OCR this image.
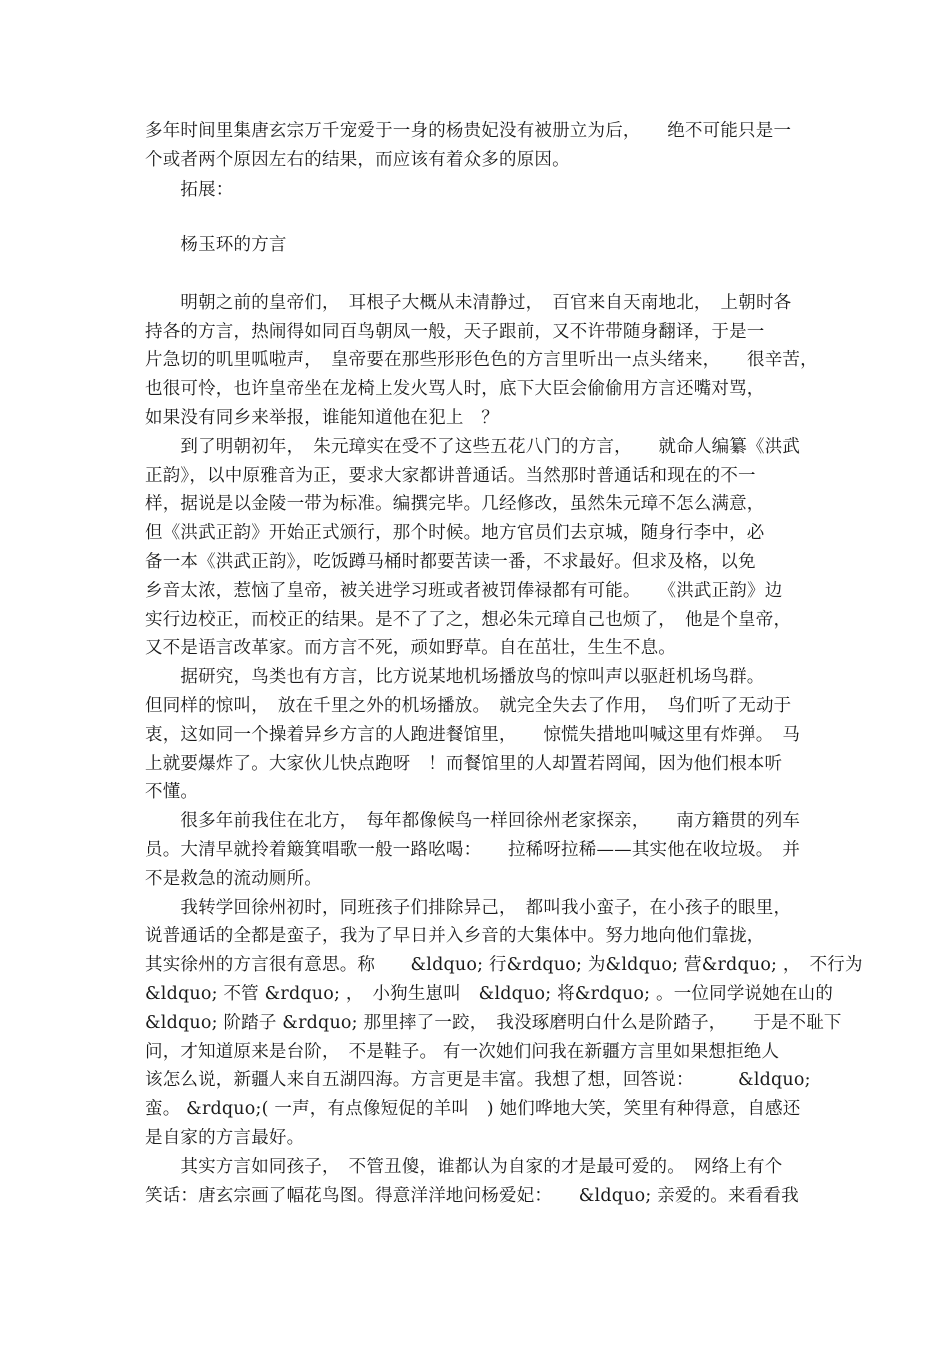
多年时间里集唐玄宗万千宠爱于一身的杨贵妃没有被册立为后，　　绝不可能只是一
个或者两个原因左右的结果，而应该有着众多的原因。
　　拓展：
　　杨玉环的方言
　　明朝之前的皇帝们，　耳根子大概从未清静过，　百官来自天南地北，　上朝时各
持各的方言，热闹得如同百鸟朝凤一般，天子跟前，又不许带随身翻译，于是一
片急切的叽里呱啦声，　皇帝要在那些形形色色的方言里听出一点头绪来，　　很辛苦，
也很可怜，也许皇帝坐在龙椅上发火骂人时，底下大臣会偷偷用方言还嘴对骂，
如果没有同乡来举报，谁能知道他在犯上　？
　　到了明朝初年，　朱元璋实在受不了这些五花八门的方言，　　就命人编纂《洪武
正韵》，以中原雅音为正，要求大家都讲普通话。当然那时普通话和现在的不一
样，据说是以金陵一带为标准。编撰完毕。几经修改，虽然朱元璋不怎么满意，
但《洪武正韵》开始正式颁行，那个时候。地方官员们去京城，随身行李中，必
备一本《洪武正韵》，吃饭蹲马桶时都要苦读一番，不求最好。但求及格，以免
乡音太浓，惹恼了皇帝，被关进学习班或者被罚俸禄都有可能。　　《洪武正韵》边
实行边校正，而校正的结果。是不了了之，想必朱元璋自己也烦了，　他是个皇帝，
又不是语言改革家。而方言不死，顽如野草。自在茁壮，生生不息。
　　据研究，鸟类也有方言，比方说某地机场播放鸟的惊叫声以驱赶机场鸟群。
但同样的惊叫，　放在千里之外的机场播放。　就完全失去了作用，　鸟们听了无动于
衷，这如同一个操着异乡方言的人跑进餐馆里，　　惊慌失措地叫喊这里有炸弹。　马
上就要爆炸了。大家伙儿快点跑呀　！而餐馆里的人却置若罔闻，因为他们根本听
不懂。
　　很多年前我住在北方，　每年都像候鸟一样回徐州老家探亲，　　南方籍贯的列车
员。大清早就拎着簸箕唱歌一般一路吆喝：　　拉稀呀拉稀——其实他在收垃圾。　并
不是救急的流动厕所。
　　我转学回徐州初时，同班孩子们排除异己，　都叫我小蛮子，在小孩子的眼里，
说普通话的全都是蛮子，我为了早日并入乡音的大集体中。努力地向他们靠拢，
其实徐州的方言很有意思。称　　&ldquo; 行&rdquo; 为&ldquo; 营&rdquo; ，　不行为
&ldquo; 不管 &rdquo; ，　小狗生崽叫　&ldquo; 将&rdquo; 。一位同学说她在山的
&ldquo; 阶踏子 &rdquo; 那里摔了一跤，　我没琢磨明白什么是阶踏子，　　于是不耻下
问，才知道原来是台阶，　不是鞋子。 有一次她们问我在新疆方言里如果想拒绝人
该怎么说，新疆人来自五湖四海。方言更是丰富。我想了想，回答说：　　　&ldquo;
蛮。 &rdquo;( 一声，有点像短促的羊叫　) 她们哗地大笑，笑里有种得意，自感还
是自家的方言最好。
　　其实方言如同孩子，　不管丑傻，谁都认为自家的才是最可爱的。　网络上有个
笑话：唐玄宗画了幅花鸟图。得意洋洋地问杨爱妃：　　&ldquo; 亲爱的。来看看我
